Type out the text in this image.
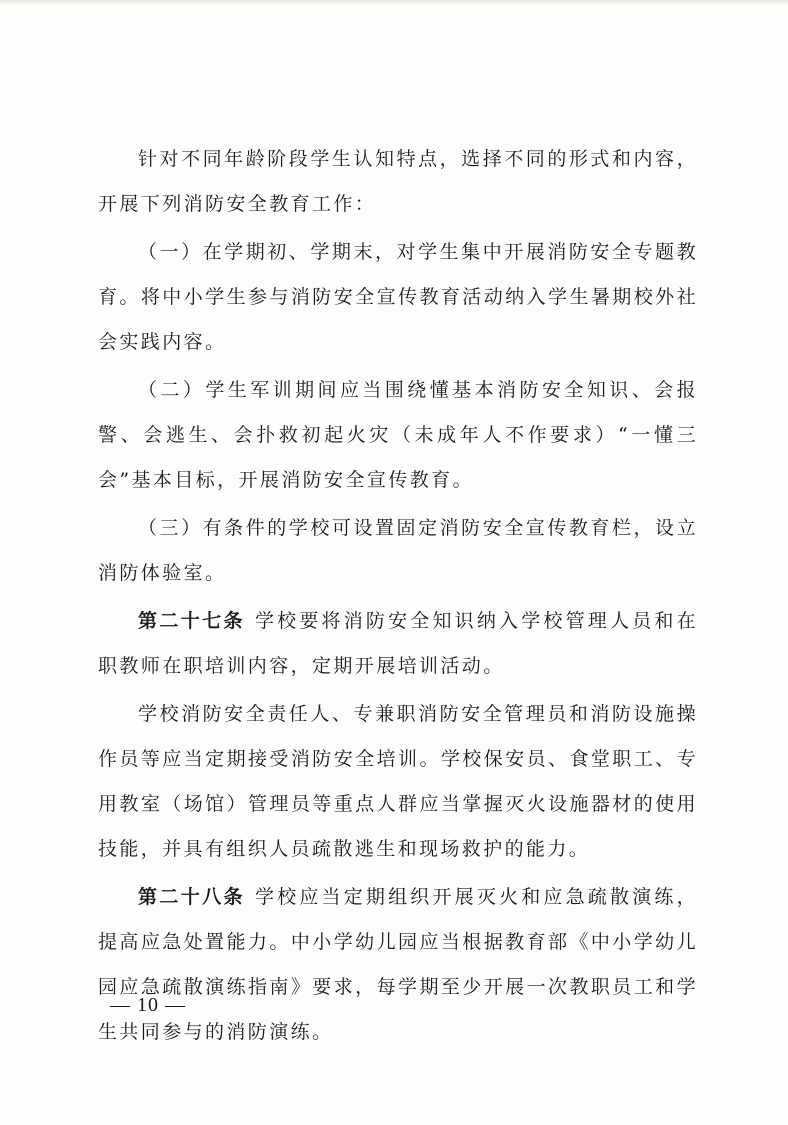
针对不同年龄阶段学生认知特点，选择不同的形式和内容，开展下列消防安全教育工作：

（一）在学期初、学期末，对学生集中开展消防安全专题教育。将中小学生参与消防安全宣传教育活动纳入学生暑期校外社会实践内容。

（二）学生军训期间应当围绕懂基本消防安全知识、会报警、会逃生、会扑救初起火灾（未成年人不作要求）“一懂三会”基本目标，开展消防安全宣传教育。

（三）有条件的学校可设置固定消防安全宣传教育栏，设立消防体验室。

第二十七条 学校要将消防安全知识纳入学校管理人员和在职教师在职培训内容，定期开展培训活动。

学校消防安全责任人、专兼职消防安全管理员和消防设施操作员等应当定期接受消防安全培训。学校保安员、食堂职工、专用教室（场馆）管理员等重点人群应当掌握灭火设施器材的使用技能，并具有组织人员疏散逃生和现场救护的能力。

第二十八条 学校应当定期组织开展灭火和应急疏散演练，提高应急处置能力。中小学幼儿园应当根据教育部《中小学幼儿园应急疏散演练指南》要求，每学期至少开展一次教职员工和学生共同参与的消防演练。

— 10 —
